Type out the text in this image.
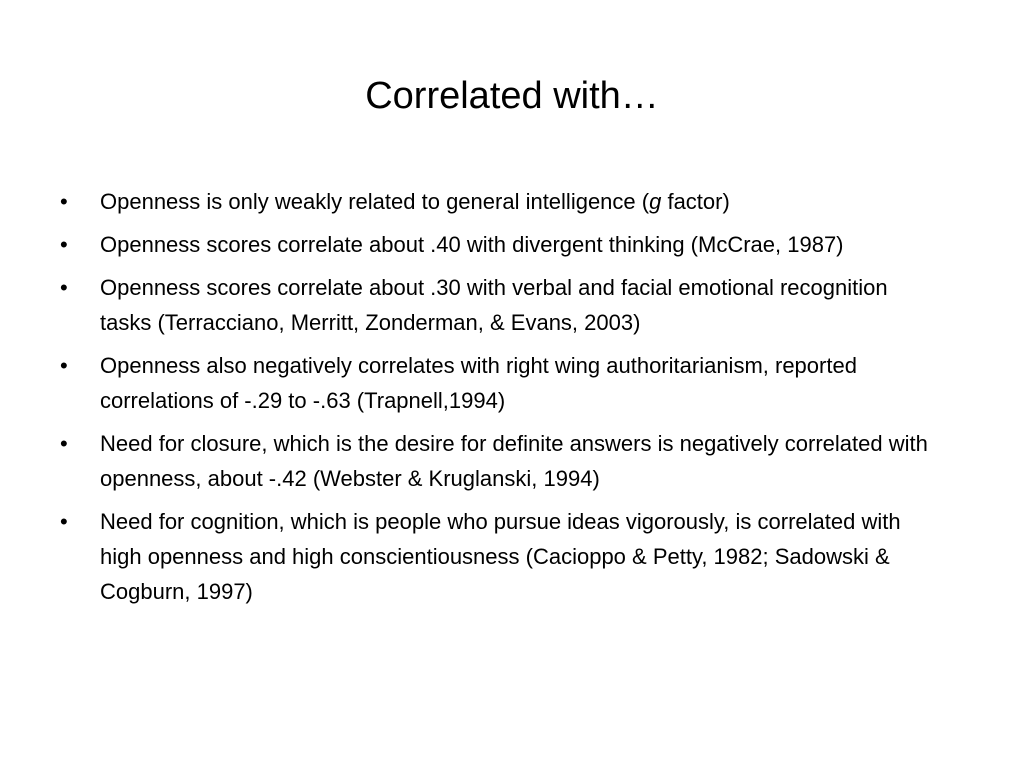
Correlated with…
•	Openness is only weakly related to general intelligence (g factor)
•	Openness scores correlate about .40 with divergent thinking (McCrae, 1987)
•	Openness scores correlate about .30 with verbal and facial emotional recognition tasks (Terracciano, Merritt, Zonderman, & Evans, 2003)
•	Openness also negatively correlates with right wing authoritarianism, reported correlations of -.29 to -.63 (Trapnell,1994)
•	Need for closure, which is the desire for definite answers is negatively correlated with openness, about -.42 (Webster & Kruglanski, 1994)
•	Need for cognition, which is people who pursue ideas vigorously, is correlated with high openness and high conscientiousness (Cacioppo & Petty, 1982; Sadowski & Cogburn, 1997)
